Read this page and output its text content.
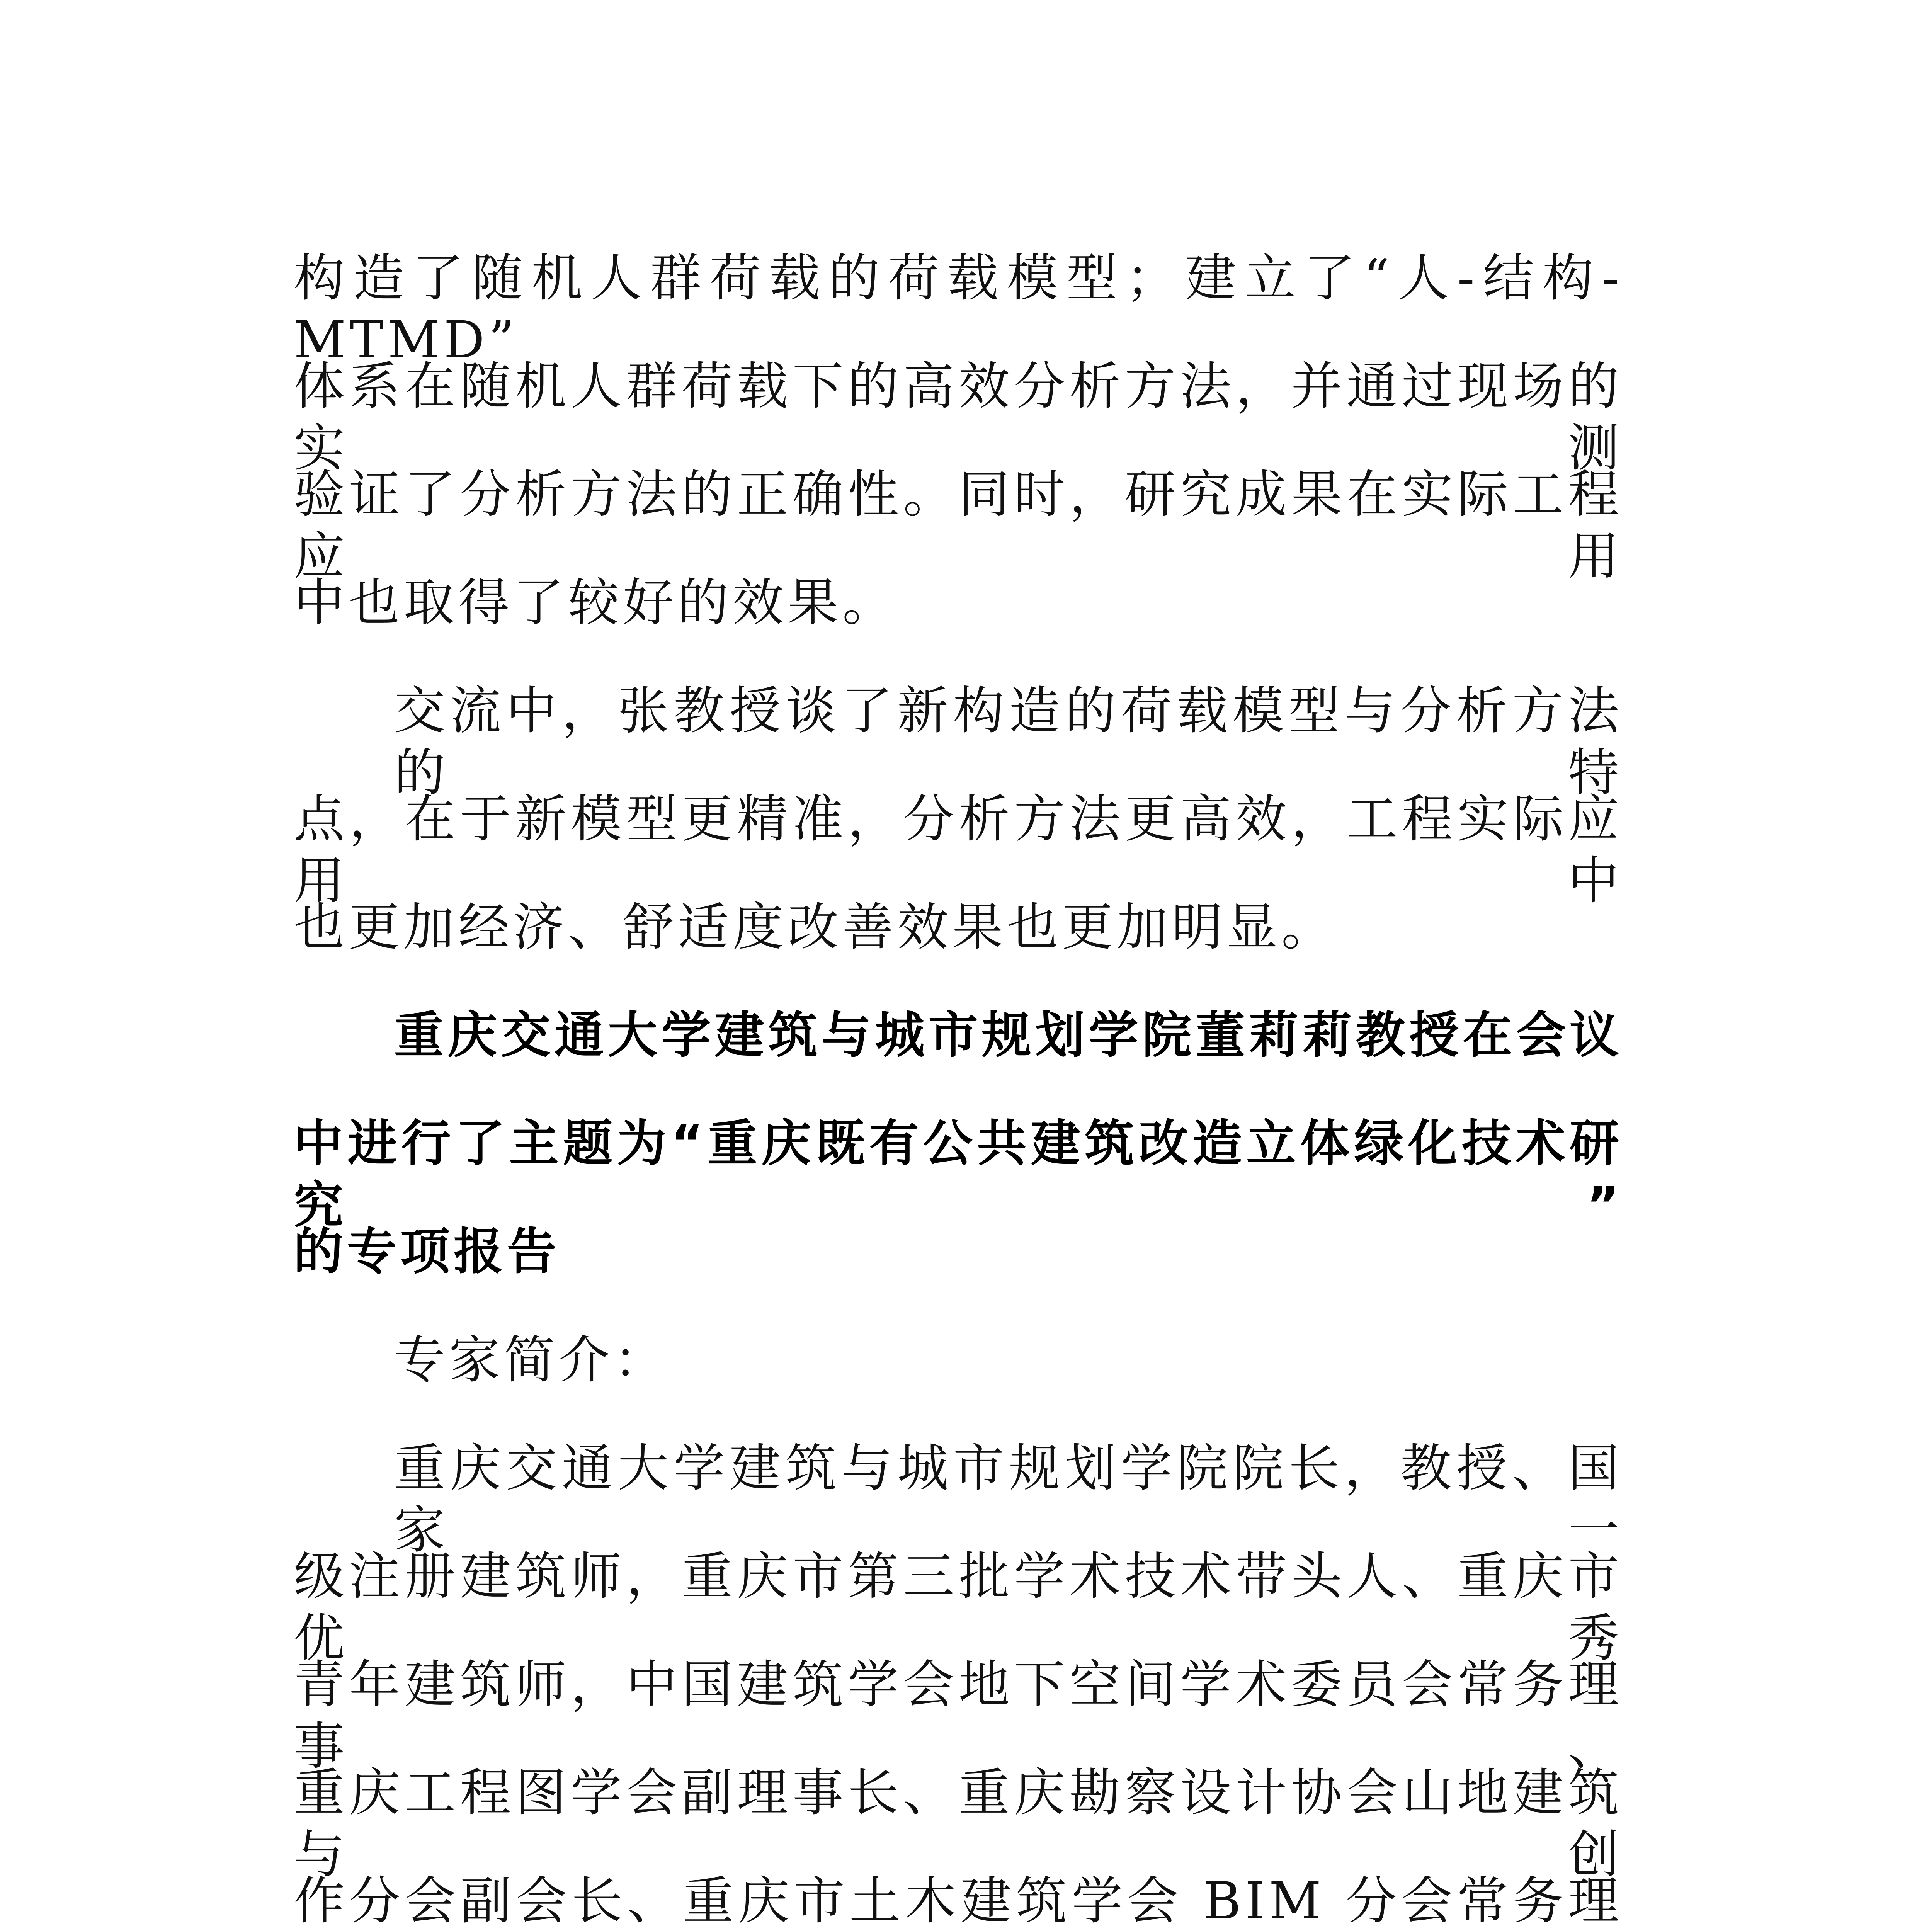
构造了随机人群荷载的荷载模型；建立了“人-结构-MTMD”

体系在随机人群荷载下的高效分析方法，并通过现场的实测

验证了分析方法的正确性。同时，研究成果在实际工程应用

中也取得了较好的效果。

交流中，张教授谈了新构造的荷载模型与分析方法的特

点，在于新模型更精准，分析方法更高效，工程实际应用中

也更加经济、舒适度改善效果也更加明显。

重庆交通大学建筑与城市规划学院董莉莉教授在会议

中进行了主题为“重庆既有公共建筑改造立体绿化技术研究”

的专项报告

专家简介：

重庆交通大学建筑与城市规划学院院长，教授、国家一

级注册建筑师，重庆市第三批学术技术带头人、重庆市优秀

青年建筑师，中国建筑学会地下空间学术委员会常务理事、

重庆工程图学会副理事长、重庆勘察设计协会山地建筑与创

作分会副会长、重庆市土木建筑学会 BIM 分会常务理
